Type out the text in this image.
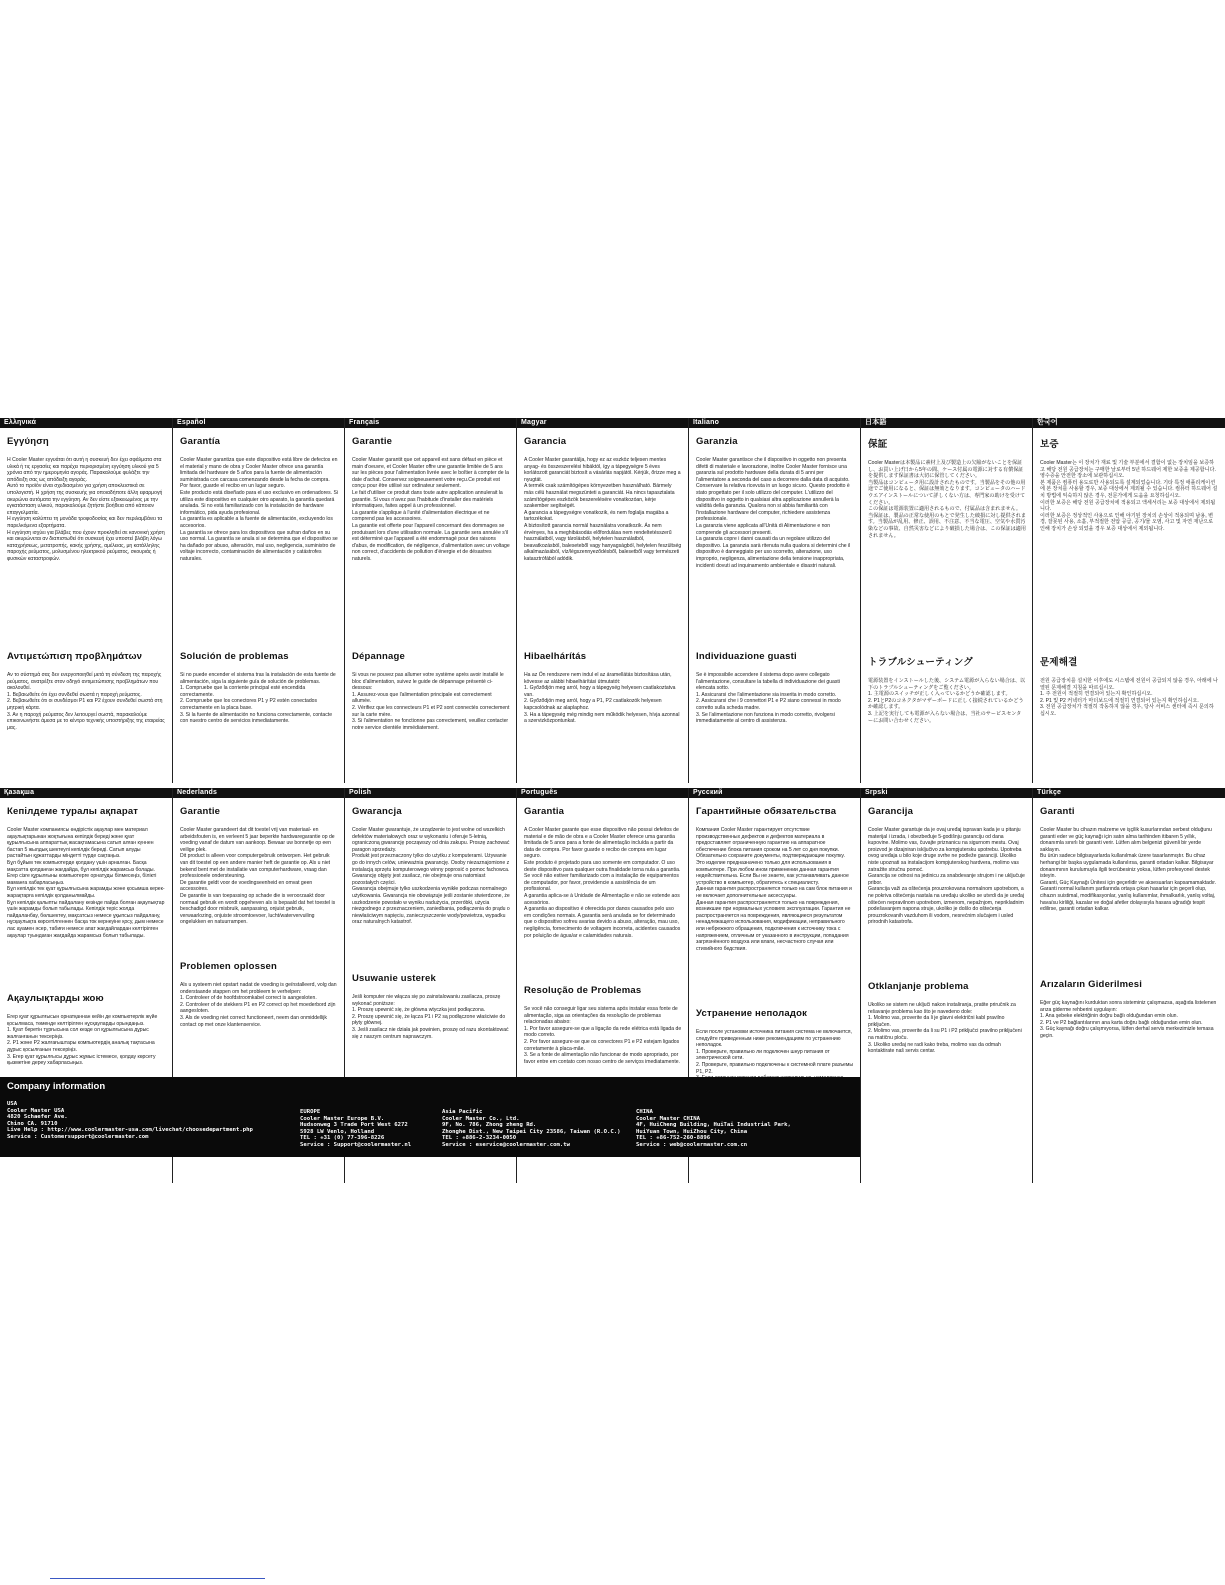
Ελληνικά
Εγγύηση
Η Cooler Master εγγυάται ότι αυτή η συσκευή δεν έχει σφάλματα στα υλικά ή τις εργασίες και παρέχει περιορισμένη εγγύηση υλικού για 5 χρόνια από την ημερομηνία αγοράς. Παρακαλούμε φυλάξτε την απόδειξη σας ως απόδειξη αγοράς.
Αυτό το προϊόν είναι σχεδιασμένο για χρήση αποκλειστικά σε υπολογιστή. Η χρήση της συσκευής για οποιαδήποτε άλλη εφαρμογή ακυρώνει αυτόματα την εγγύηση. Αν δεν είστε εξοικειωμένος με την εγκατάσταση υλικού, παρακαλούμε ζητήστε βοήθεια από κάποιον επαγγελματία.
Η εγγύηση καλύπτει τη μονάδα τροφοδοσίας και δεν περιλαμβάνει τα παρελκόμενα εξαρτήματα.
Η εγγύηση ισχύει για βλάβες που έχουν προκληθεί σε κανονική χρήση και ακυρώνεται αν διαπιστωθεί ότι συσκευή έχει υποστεί βλάβη λόγω καταχρήσεως, μετατροπής, κακής χρήσης, αμέλειας, μη κατάλληλης παροχής ρεύματος, μολυσμένου ηλεκτρικού ρεύματος, σκουριάς ή φυσικών καταστροφών.
Αντιμετώπιση προβλημάτων
Αν το σύστημά σας δεν ενεργοποιηθεί μετά τη σύνδεση της παροχής ρεύματος, ανατρέξτε στον οδηγό αντιμετώπισης προβλημάτων που ακολουθεί.
1. Βεβαιωθείτε ότι έχει συνδεθεί σωστά η παροχή ρεύματος.
2. Βεβαιωθείτε ότι οι συνδέσμοι P1 και P2 έχουν συνδεθεί σωστά στη μητρική κάρτα.
3. Αν η παροχή ρεύματος δεν λειτουργεί σωστά, παρακαλούμε επικοινωνήστε άμεσα με το κέντρο τεχνικής υποστήριξης της εταιρείας μας.
Español
Garantía
Cooler Master garantiza que este dispositivo está libre de defectos en el material y mano de obra y Cooler Master ofrece una garantía limitada del hardware de 5 años para la fuente de alimentación suministrada con carcasa comenzando desde la fecha de compra. Por favor, guarde el recibo en un lugar seguro.
Este producto está diseñado para el uso exclusivo en ordenadores. Si utiliza este dispositivo en cualquier otro aparato, la garantía quedará anulada. Si no está familiarizado con la instalación de hardware informático, pida ayuda profesional.
La garantía es aplicable a la fuente de alimentación, excluyendo los accesorios.
La garantía se ofrece para los dispositivos que sufran daños en su uso normal. La garantía se anula si se determina que el dispositivo se ha dañado por abuso, alteración, mal uso, negligencia, suministro de voltaje incorrecto, contaminación de alimentación y catástrofes naturales.
Solución de problemas
Si no puede encender el sistema tras la instalación de esta fuente de alimentación, siga la siguiente guía de solución de problemas.
1. Compruebe que la corriente principal esté encendida correctamente.
2. Compruebe que los conectores P1 y P2 estén conectados correctamente en la placa base.
3. Si la fuente de alimentación no funciona correctamente, contacte con nuestro centro de servicios inmediatamente.
Français
Garantie
Cooler Master garantit que cet appareil est sans défaut en pièce et main d'oeuvre, et Cooler Master offre une garantie limitée de 5 ans sur les pièces pour l'alimentation livrée avec le boîtier à compter de la date d'achat. Conservez soigneusement votre reçu.Ce produit est conçu pour être utilisé sur ordinateur seulement.
Le fait d'utiliser ce produit dans toute autre application annulerait la garantie. Si vous n'avez pas l'habitude d'installer des matériels informatiques, faites appel à un professionnel.
La garantie s'applique à l'unité d'alimentation électrique et ne comprend pas les accessoires.
La garantie est offerte pour l'appareil concernant des dommages se produisant lors d'une utilisation normale. La garantie sera annulée s'il est déterminé que l'appareil a été endommagé pour des raisons d'abus, de modification, de négligence, d'alimentation avec un voltage non correct, d'accidents de pollution d'énergie et de désastres naturels.
Dépannage
Si vous ne pouvez pas allumer votre système après avoir installé le bloc d'alimentation, suivez le guide de dépannage présenté ci-dessous:
1. Assurez-vous que l'alimentation principale est correctement allumée.
2. Vérifiez que les connecteurs P1 et P2 sont connectés correctement sur la carte mère.
3. Si l'alimentation ne fonctionne pas correctement, veuillez contacter notre service clientèle immédiatement.
Magyar
Garancia
A Cooler Master garantálja, hogy ez az eszköz teljesen mentes anyag- és összeszerelési hibáktól, így a tápegységre 5 éves korlátozott garanciát biztosít a vásárlás napjától. Kérjük, őrizze meg a nyugtát.
A termék csak számítógépes környezetben használható. Bármely más célú használat megszünteti a garanciát. Ha nincs tapasztalata számítógépes eszközök beszerelésére vonatkozóan, kérje szakember segítségét.
A garancia a tápegységre vonatkozik, és nem foglalja magába a tartozékokat.
A biztosított garancia normál használatra vonatkozik. Ás nem érvényes, ha a meghibásodás előfordulása nem rendeltetésszerű használatból, vagy tárolásból, helytelen használatból, beavatkozásból, baleseteből vagy hanyagságból, helytelen feszültség alkalmazásából, víz/légszennyeződésből, balesetből vagy természeti katasztrófából adódik.
Hibaelhárítás
Ha az Ön rendszere nem indul el az áramellátás biztosítása után, kövesse az alábbi hibaelhárítási útmutatót:
1. Győződjön meg arról, hogy a tápegység helyesen csatlakoztatva van.
2. Győződjön meg arról, hogy a P1, P2 csatlakozók helyesen kapcsolódnak az alaplaphoz.
3. Ha a tápegység még mindig nem működik helyesen, hívja azonnal a szervizközpontunkat.
Italiano
Garanzia
Cooler Master garantisce che il dispositivo in oggetto non presenta difetti di materiale e lavorazione, inoltre Cooler Master fornisce una garanzia sul prodotto hardware della durata di 5 anni per l'alimentatore a seconda del caso a decorrere dalla data di acquisto.
Conservare la relativa ricevuta in un luogo sicuro. Questo prodotto è stato progettato per il solo utilizzo del computer. L'utilizzo del dispositivo in oggetto in qualsiasi altra applicazione annullerà la validità della garanzia. Qualora non si abbia familiarità con l'installazione hardware del computer, richiedere assistenza professionale.
La garanzia viene applicata all'Unità di Alimentazione e non comprende gli accessori presenti.
La garanzia copre i danni causati da un regolare utilizzo del dispositivo. La garanzia sarà ritenuta nulla qualora si determini che il dispositivo è danneggiato per uso scorretto, alterazione, uso improprio, negligenza, alimentazione della tensione inappropriata, incidenti dovuti ad inquinamento ambientale e disastri naturali.
Individuazione guasti
Se è impossibile accendere il sistema dopo avere collegato l'alimentazione, consultare la tabella di individuazione dei guasti elencata sotto.
1. Assicurarsi che l'alimentazione sia inserita in modo corretto.
2. Assicurarsi che i 9 connettori P1 e P2 siano connessi in modo corretto sulla scheda madre.
3. Se l'alimentazione non funziona in modo corretto, rivolgersi immediatamente al centro di assistenza.
日本語
保証
Cooler Masterは本製品に素材上及び製造上の欠陥がないことを保証し、お買い上げ日から5年の間、ケース付属の電源に対する有償保証を提供します保証書は大切に保管してください。
当製品はコンピュータ用に設計されたものです。当製品をその他の用途でご使用になると、保証は無効となります。コンピュータのハードウエアインストールについて詳しくない方は、専門家の助けを受けてください。
この保証は電源装置に適用されるもので、付属品は含まれません。
当保証は、製品の正常な使用のもとで発生した破損に対し提供されます。当製品が乱用、修正、誤用、不注意、不当な電圧、空気や水質汚染などの事故、自然災害などにより破損した場合は、この保証は適用されません。
トラブルシューティング
電源装置をインストールした後、システム電源が入らない場合は、以下のトラブルシューティングをご覧ください。
1. 主電源のスイッチが正しく入っているかどうか確認します。
2. P1とP2のコネクタがマザーボードに正しく接続されているかどうか確認します。
3. 上記を実行しても電源が入らない場合は、当社のサービスセンターにお問い合わせください。
한국어
보증
Cooler Master는 이 장치가 재료 및 기술 부분에서 결함이 없는 장치임을 보증하고 해당 전원 공급장치는 구매한 날로부터 5년 하드웨어 제한 보증을 제공합니다. 영수증을 안전한 장소에 보관하십시오.
본 제품은 컴퓨터 용도로만 사용되도록 설계되었습니다. 기타 특정 애플리케이션에 본 장치를 사용할 경우, 보증 대상에서 제외될 수 있습니다. 컴퓨터 하드웨어 설치 방법에 익숙하지 않은 경우, 전문가에게 도움을 요청하십시오.
이러한 보증은 해당 전원 공급장치에 적용되고 액세서리는 보증 대상에서 제외됩니다.
이러한 보증은 정상적인 사용으로 인해 야기된 장치의 손상이 적용되며 남용, 변경, 잘못된 사용, 소홀, 부적절한 전압 공급, 공기/물 오염, 사고 및 자연 재난으로 인해 장치가 손상 되었을 경우 보증 대상에서 제외됩니다.
문제해결
전원 공급장치를 설치한 이후에도 시스템에 전원이 공급되지 않을 경우, 아래에 나열된 문제해결 지침을 따르십시오.
1. 주 전원이 적절히 연결되어 있는지 확인하십시오.
2. P1 및 P2 커넥터가 마더보드에 적절히 연결되어 있는지 확인하십시오.
3. 전원 공급장치가 적절히 작동하지 않을 경우, 당사 서비스 센터에 즉시 문의하십시오.
Қазақша
Кепілдеме туралы ақпарат
Cooler Master компаниясы өндірістік ақаулар мен материал ақаулықтарынан жоқтығына кепілдік береді және қуат құрылғысына аппараттық жасақтамасына сатып алған күннен бастап 5 жылдық шектеулі кепілдік береді. Сатып алуды растайтын құжаттарды міндетті түрде сақтаңыз.
Бұл бұйым тек компьютерде қолдану үшін арналған. Басқа мақсатта қолданған жағдайда, бұл кепілдік жарамсыз болады. Егер сізге құрылғыны компьютерге орнатуды білмесеңіз, білікті маманға хабарласыңыз.
Бұл кепілдік тек қуат құрылғысына жарамды және қосымша керек-жарақтарға кепілдік қолданылмайды.
Бұл кепілдік қалыпты пайдалану кезінде пайда болған ақаулықтар үшін жарамды болып табылады. Кепілдік теріс жолда пайдаланбау, бөлшектеу, мақсатсыз немесе ұқыпсыз пайдалану, нұсқаулықта көрсетілгеннен басқа ток кернеуіне қосу, дым немесе лас ауамен әсер, табиғи немесе апат жағдайлардан келтірілген ақаулар туындаған жағдайда жарамсыз болып табылады.
Ақаулықтарды жою
Егер қуат құрылғысын орнатқаннан кейін де компьютерлік жүйе қосылмаса, төменде келтірілген нұсқауларды орындаңыз.
1. Қуат беретін тұрғысына сол кезде ол құрылғысына дұрыс жалғанғанын тексеріңіз.
2. P1 және P2 жалғағыштары компьютердің аналық тақтасына дұрыс қосылғанын тексеріңіз.
3. Егер қуат құрылғысы дұрыс жұмыс істемесе, қолдау көрсету қызметіне дереу хабарласыңыз.
Nederlands
Garantie
Cooler Master garandeert dat dit toestel vrij van materiaal- en arbeidsfouten is, en verleent 5 jaar beperkte hardwaregarantie op de voeding vanaf de datum van aankoop. Bewaar uw bonnetje op een veilige plek.
Dit product is alleen voor computergebruik ontworpen. Het gebruik van dit toestel op een andere manier heft de garantie op. Als u niet bekend bent met de installatie van computerhardware, vraag dan professionele ondersteuning.
De garantie geldt voor de voedingseenheid en omvat geen accessoires.
De garantie is van toepassing op schade die is veroorzaakt door normaal gebruik en wordt opgeheven als is bepaald dat het toestel is beschadigd door misbruik, aanpassing, onjuist gebruik, verwaarlozing, onjuiste stroomtoevoer, lucht/watervervuiling ongelukken en natuurrampen.
Problemen oplossen
Als u systeem niet opstart nadat de voeding is geïnstalleerd, volg dan onderstaande stappen om het probleem te verhelpen:
1. Controleer of de hoofdstroomkabel correct is aangesloten.
2. Controleer of de stekkers P1 en P2 correct op het moederbord zijn aangesloten.
3. Als de voeding niet correct functioneert, neem dan onmiddellijk contact op met onze klantenservice.
Polish
Gwarancja
Cooler Master gwarantuje, że urządzenie to jest wolne od wszelkich defektów materiałowych oraz w wykonaniu i oferuje 5-letnią, ograniczoną gwarancję począwszy od dnia zakupu. Proszę zachować paragon sprzedaży.
Produkt jest przeznaczony tylko do użytku z komputerami. Używanie go do innych celów, unieważnia gwarancję. Osoby niezaznajomione z instalacją sprzętu komputerowego winny poprosić o pomoc fachowca.
Gwarancję objęty jest zasilacz, nie obejmuje ona natomiast pozostałych części.
Gwarancja obejmuje tylko uszkodzenia wynikłe podczas normalnego użytkowania. Gwarancja nie obowiązuje jeśli zostanie stwierdzone, że uszkodzenie powstało w wyniku nadużycia, przeróbki, użycia niezgodnego z przeznaczeniem, zaniedbania, podłączenia do prądu o niewłaściwym napięciu, zanieczyszczenie wody/powietrza, wypadku oraz naturalnych katastrof.
Usuwanie usterek
Jeśli komputer nie włącza się po zainstalowaniu zasilacza, proszę wykonać poniższe:
1. Proszę upewnić się, że główna wtyczka jest podłączona.
2. Proszę upewnić się, że łącza P1 i P2 są podłączone właściwie do płyty głównej.
3. Jeśli zasilacz nie działa jak powinien, proszę od razu skontaktować się z naszym centrum naprawczym.
Português
Garantia
A Cooler Master garante que esse dispositivo não possui defeitos de material e de mão de obra e a Cooler Master oferece uma garantia limitada de 5 anos para a fonte de alimentação incluída a partir da data de compra. Por favor guarde o recibo de compra em lugar seguro.
Este produto é projetado para uso somente em computador. O uso deste dispositivo para qualquer outra finalidade torna nula a garantia. Se você não estiver familiarizado com a instalação de equipamentos de computador, por favor, providencie a assistência de um profissional.
A garantia aplica-se à Unidade de Alimentação e não se estende aos acessórios.
A garantia ao dispositivo é oferecida por danos causados pelo uso em condições normais. A garantia será anulada se for determinado que o dispositivo sofreu avarias devido a abuso, alteração, mau uso, negligência, fornecimento de voltagem incorreta, acidentes causados por poluição de água/ar e calamidades naturais.
Resolução de Problemas
Se você não conseguir ligar seu sistema após instalar essa fonte de alimentação, siga as orientações da resolução de problemas relacionadas abaixo:
1. Por favor assegure-se que a ligação da rede elétrica está ligada de modo correto.
2. Por favor assegure-se que os conectores P1 e P2 estejam ligados corretamente à placa-mãe.
3. Se a fonte de alimentação não funcionar de modo apropriado, por favor entre em contato com nosso centro de serviços imediatamente.
Русский
Гарантийные обязательства
Компания Cooler Master гарантирует отсутствие производственных дефектов и дефектов материала в предоставляет ограниченную гарантию на аппаратное обеспечение блока питания сроком на 5 лет со дня покупки. Обязательно сохраните документы, подтверждающие покупку.
Это изделие предназначено только для использования в компьютере. При любом ином применении данная гарантия недействительна. Если Вы не знаете, как устанавливать данное устройство в компьютер, обратитесь к специалисту.
Данная гарантия распространяется только на сам блок питания и не включает дополнительные аксессуары.
Данная гарантия распространяется только на повреждения, возникшие при нормальных условиях эксплуатации. Гарантия не распространяется на повреждения, являющиеся результатом ненадлежащего использования, модификации, неправильного или небрежного обращения, подключения к источнику тока с напряжением, отличным от указанного в инструкции, попадания загрязнённого воздуха или влаги, несчастного случая или стихийного бедствия.
Устранение неполадок
Если после установки источника питания система не включается, следуйте приведенным ниже рекомендациям по устранению неполадок.
1. Проверьте, правильно ли подключен шнур питания от электрической сети.
2. Проверьте, правильно подключены к системной плате разъемы P1, P2.

Srpski
Garancija
Cooler Master garantuje da je ovaj uređaj ispravan kada je u pitanju materijal i izrada, i obezbeđuje 5-godišnju garanciju od dana kupovine. Molimo vas, čuvajte priznanicu na sigurnom mestu. Ovaj proizvod je dizajniran isključivo za kompjutersku upotrebu. Upotreba ovog uređaja u bilo koje druge svrhe ne podleže garanciji. Ukoliko niste upoznati sa instalacijom kompjuterskog hardvera, molimo vas zatražite stručnu pomoć.
Garancija se odnosi na jedinicu za snabdevanje strujom i ne uključuje pribor.
Garancija važi za oštećenja prouzrokovana normalnom upotrebom, a ne pokriva oštećenja nastala na uređaju ukoliko se utvrdi da je uređaj oštećen nepravilnom upotrebom, izmenom, nepažnjom, neprikladnim podešavanjem napona struje, ukoliko je došlo do oštećenja prouzrokovanih vazduhom ili vodom, nesrećnim slučajem i usled prirodnih katastrofa.
Otklanjanje problema
Ukoliko se sistem ne uključi nakon instaliranja, pratite priručnik za rešavanje problema kao što je navedeno dole:
1. Molimo vas, proverite da li je glavni električni kabl pravilno priključen.
2. Molimo vas, proverite da li su P1 i P2 priključci pravilno priključeni na matičnu ploču.
3. Ukoliko uređaj ne radi kako treba, molimo vas da odmah kontaktirate naš servis centar.
Türkçe
Garanti
Cooler Master bu cihazın malzeme ve işçilik kusurlarından serbest olduğunu garanti eder ve güç kaynağı için satın alma tarihinden itibaren 5 yıllık, donanımla sınırlı bir garanti verir. Lütfen alım belgenizi güvenli bir yerde saklayın.
Bu ürün sadece bilgisayarlarda kullanılmak üzere tasarlanmıştır. Bu cihaz herhangi bir başka uygulamada kullanılırsa, garanti ortadan kalkar. Bilgisayar donanımının kurulumuyla ilgili tecrübesiniz yoksa, lütfen profesyonel destek isteyin.
Garanti, Güç Kaynağı Ünitesi için geçerlidir ve aksesuarları kapsamamaktadır.
Garanti normal kullanım şartlarında ortaya çıkan hasarlar için geçerli olup, cihazın suistimal, modifikasyonlar, yanlış kullanımlar, ihmalkarlık, yanlış voltaj, hava/su kirliliği, kazalar ve doğal afetler dolayısıyla hasara uğradığı tespit edilirse, garanti ortadan kalkar.
Arızaların Giderilmesi
Eğer güç kaynağını kurduktan sonra sisteminiz çalışmazsa, aşağıda listelenen arıza giderme rehberini uygulayın:
1. Ana şebeke elektriğinin doğru bağlı olduğundan emin olun.
2. P1 ve P2 bağlantılarının ana karta doğru bağlı olduğundan emin olun.
3. Güç kaynağı doğru çalışmıyorsa, lütfen derhal servis merkezimizle temasa geçin.
Company information
USA
Cooler Master USA
4820 Schaefer Ave.
Chino CA. 91710
Live Help : http://www.coolermaster-usa.com/livechat/choosedepartment.php
Service : Customersupport@coolermaster.com
EUROPE
Cooler Master Europe B.V.
Hudsonweg 3 Trade Port West 6272
5928 LW Venlo, Holland
TEL : +31 (0) 77-396-8226
Service : Support@coolermaster.nl
Asia Pacific
Cooler Master Co., Ltd.
9F, No. 786, Zhong zheng Rd.
Zhonghe Dist., New Taipei City 23586, Taiwan (R.O.C.)
TEL : +886-2-3234-0050
Service : eservice@coolermaster.com.tw
CHINA
Cooler Master CHINA
4F, HuiCheng Building, HuiTai Industrial Park,
HuiYuan Town, HuiZhou City, China
TEL : +86-752-260-8896
Service : web@coolermaster.com.cn
